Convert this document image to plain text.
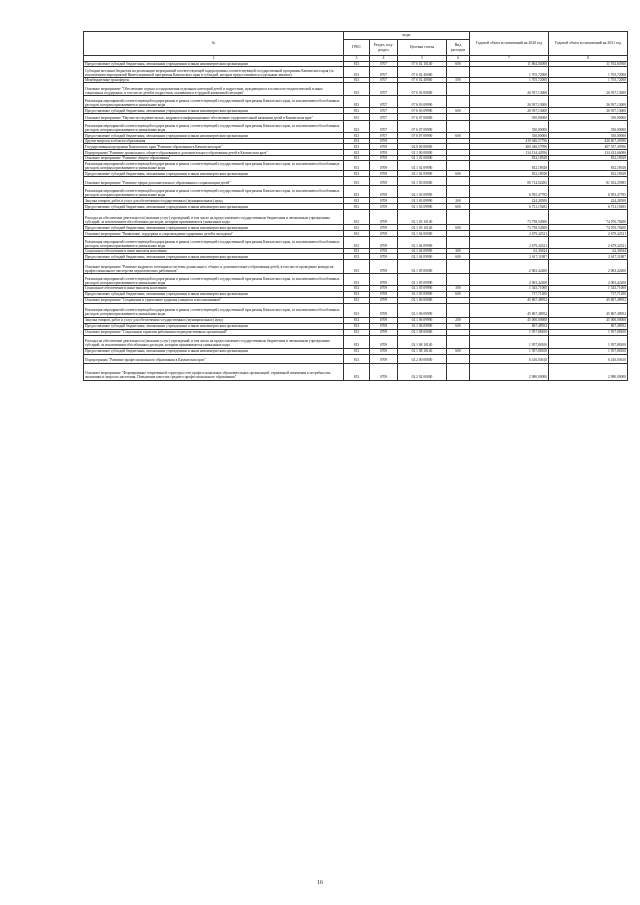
№	коды				Годовой объем ассигнований на 2020 год	Годовой объем ассигнований на 2021 год
	ГРБС	Раздел, под-раздел	Целевая статья	Вид расходов		
2	3	4	5	6	7	8
Предоставление субсидий бюджетным, автономным учреждениям и иным некоммерческим организациям	813	0707	07 6 02 10140	600	11 864,04000	11 914,60500
Субсидии местным бюджетам на реализацию мероприятий соответствующей подпрограммы соответствующей государственной программы Камчатского края (за исключением мероприятий Инвестиционной программы Камчатского края и субсидий, которые предоставляются отдельным законом)	813	0707	07 6 02 40060		1 705,72000	1 705,72000
Межбюджетные трансферты	813	0707	07 6 02 40060	500	1 705,72000	1 705,72000
Основное мероприятие "Обеспечение отдыха и оздоровления отдельных категорий детей и подростков, нуждающихся в психолого-педагогической и иных социальных поддержках, в том числе детей и подростков, оказавшихся в трудной жизненной ситуации"	813	0707	07 6 03 00000		26 937,13000	26 937,13000
Реализация мероприятий соответствующей подпрограммы в рамках соответствующей государственной программы Камчатского края, за исключением обособленных расходов, которым присваиваются уникальные коды	813	0707	07 6 03 09990		26 937,13000	26 937,13000
Предоставление субсидий бюджетным, автономным учреждениям и иным некоммерческим организациям	813	0707	07 6 03 09990	600	26 937,13000	26 937,13000
Основное мероприятие "Научно-исследовательское, кадровое и информационное обеспечение оздоровительной кампании детей в Камчатском крае"	813	0707	07 6 07 00000		350,00000	350,00000
Реализация мероприятий соответствующей подпрограммы в рамках соответствующей государственной программы Камчатского края, за исключением обособленных расходов, которым присваиваются уникальные коды	813	0707	07 6 07 09990		350,00000	350,00000
Предоставление субсидий бюджетным, автономным учреждениям и иным некоммерческим организациям	813	0707	07 6 07 09990	600	350,00000	350,00000
Другие вопросы в области образования	813	0709			419 946,57796	420 607,49396
Государственная программа Камчатского края "Развитие образования в Камчатском крае"	813	0709	02 0 00 00000		406 446,57096	407 537,49396
Подпрограмма "Развитие дошкольного, общего образования и дополнительного образования детей в Камчатском крае"	813	0709	02 1 00 00000		134 134,42956	134 432,66086
Основное мероприятие "Развитие общего образования"	813	0709	02 1 02 00000		832,18928	832,18928
Реализация мероприятий соответствующей подпрограммы в рамках соответствующей государственной программы Камчатского края, за исключением обособленных расходов, которым присваиваются уникальные коды	813	0709	02 1 02 09990		832,18928	832,18928
Предоставление субсидий бюджетным, автономным учреждениям и иным некоммерческим организациям	813	0709	02 1 02 09990	600	832,18928	832,18928
Основное мероприятие "Развитие сферы дополнительного образования и социализации детей"	813	0709	02 1 03 00000		80 714,02285	81 032,25985
Реализация мероприятий соответствующей подпрограммы в рамках соответствующей государственной программы Камчатского края, за исключением обособленных расходов, которым присваиваются уникальные коды	813	0709	02 1 03 09990		6 955,47785	6 955,47785
Закупка товаров, работ и услуг для обеспечения государственных (муниципальных) нужд	813	0709	02 1 03 09990	200	224,28500	224,28500
Предоставление субсидий бюджетным, автономным учреждениям и иным некоммерческим организациям	813	0709	02 1 03 09990	600	6 731,19285	6 731,19285
Расходы на обеспечение деятельности (оказание услуг) учреждений, в том числе на предоставление государственным бюджетным и автономным учреждениям субсидий, за исключением обособленных расходов, которым присваиваются уникальные коды	813	0709	02 1 03 10140		73 758,54500	74 076,78200
Предоставление субсидий бюджетным, автономным учреждениям и иным некоммерческим организациям	813	0709	02 1 03 10140	600	73 758,54500	74 076,78200
Основное мероприятие "Выявление, поддержка и сопровождение одаренных детей и молодежи"	813	0709	02 1 04 00000		2 679,42521	2 679,42521
Реализация мероприятий соответствующей подпрограммы в рамках соответствующей государственной программы Камчатского края, за исключением обособленных расходов, которым присваиваются уникальные коды	813	0709	02 1 04 09990		2 679,42521	2 679,42521
Социальное обеспечение и иные выплаты населению	813	0709	02 1 04 09990	300	62,30634	62,30634
Предоставление субсидий бюджетным, автономным учреждениям и иным некоммерческим организациям	813	0709	02 1 04 09990	600	2 617,11887	2 617,11887
Основное мероприятие "Развитие кадрового потенциала системы дошкольного, общего и дополнительного образования детей, в том числе проведение конкурсов профессионального мастерства педагогических работников"	813	0709	02 1 05 00000		2 063,42200	2 063,42200
Реализация мероприятий соответствующей подпрограммы в рамках соответствующей государственной программы Камчатского края, за исключением обособленных расходов, которым присваиваются уникальные коды	813	0709	02 1 05 09990		2 063,42200	2 063,42200
Социальное обеспечение и иные выплаты населению	813	0709	02 1 05 09990	300	1 345,71000	1 345,71000
Предоставление субсидий бюджетным, автономным учреждениям и иным некоммерческим организациям	813	0709	02 1 05 09990	600	717,71200	717,71200
Основное мероприятие "Сохранение и укрепление здоровья учащихся и воспитанников"	813	0709	02 1 06 00000		45 867,48952	45 867,48952
Реализация мероприятий соответствующей подпрограммы в рамках соответствующей государственной программы Камчатского края, за исключением обособленных расходов, которым присваиваются уникальные коды	813	0709	02 1 06 09990		45 867,48952	45 867,48952
Закупка товаров, работ и услуг для обеспечения государственных (муниципальных) нужд	813	0709	02 1 06 09990	200	45 000,00000	45 000,00000
Предоставление субсидий бюджетным, автономным учреждениям и иным некоммерческим организациям	813	0709	02 1 06 09990	600	867,48952	867,48952
Основное мероприятие "Социальные гарантии работникам подведомственных организаций"	813	0709	02 1 08 00000		1 957,88100	1 957,88100
Расходы на обеспечение деятельности (оказание услуг) учреждений, в том числе на предоставление государственным бюджетным и автономным учреждениям субсидий, за исключением обособленных расходов, которым присваиваются уникальные коды	813	0709	02 1 08 10140		1 957,88100	1 957,88100
Предоставление субсидий бюджетным, автономным учреждениям и иным некоммерческим организациям	813	0709	02 1 08 10140	600	1 957,88100	1 957,88100
Подпрограмма "Развитие профессионального образования в Камчатском крае"	813	0709	02 2 00 00000		6 416,03610	6 416,03610
Основное мероприятие "Формирование современной структуры сети профессиональных образовательных организаций, отраженной изменения в потребностях экономики и запросах населения. Повышение качества среднего профессионального образования"	813	0709	02 2 02 00000		2 980,00000	2 980,00000
16
